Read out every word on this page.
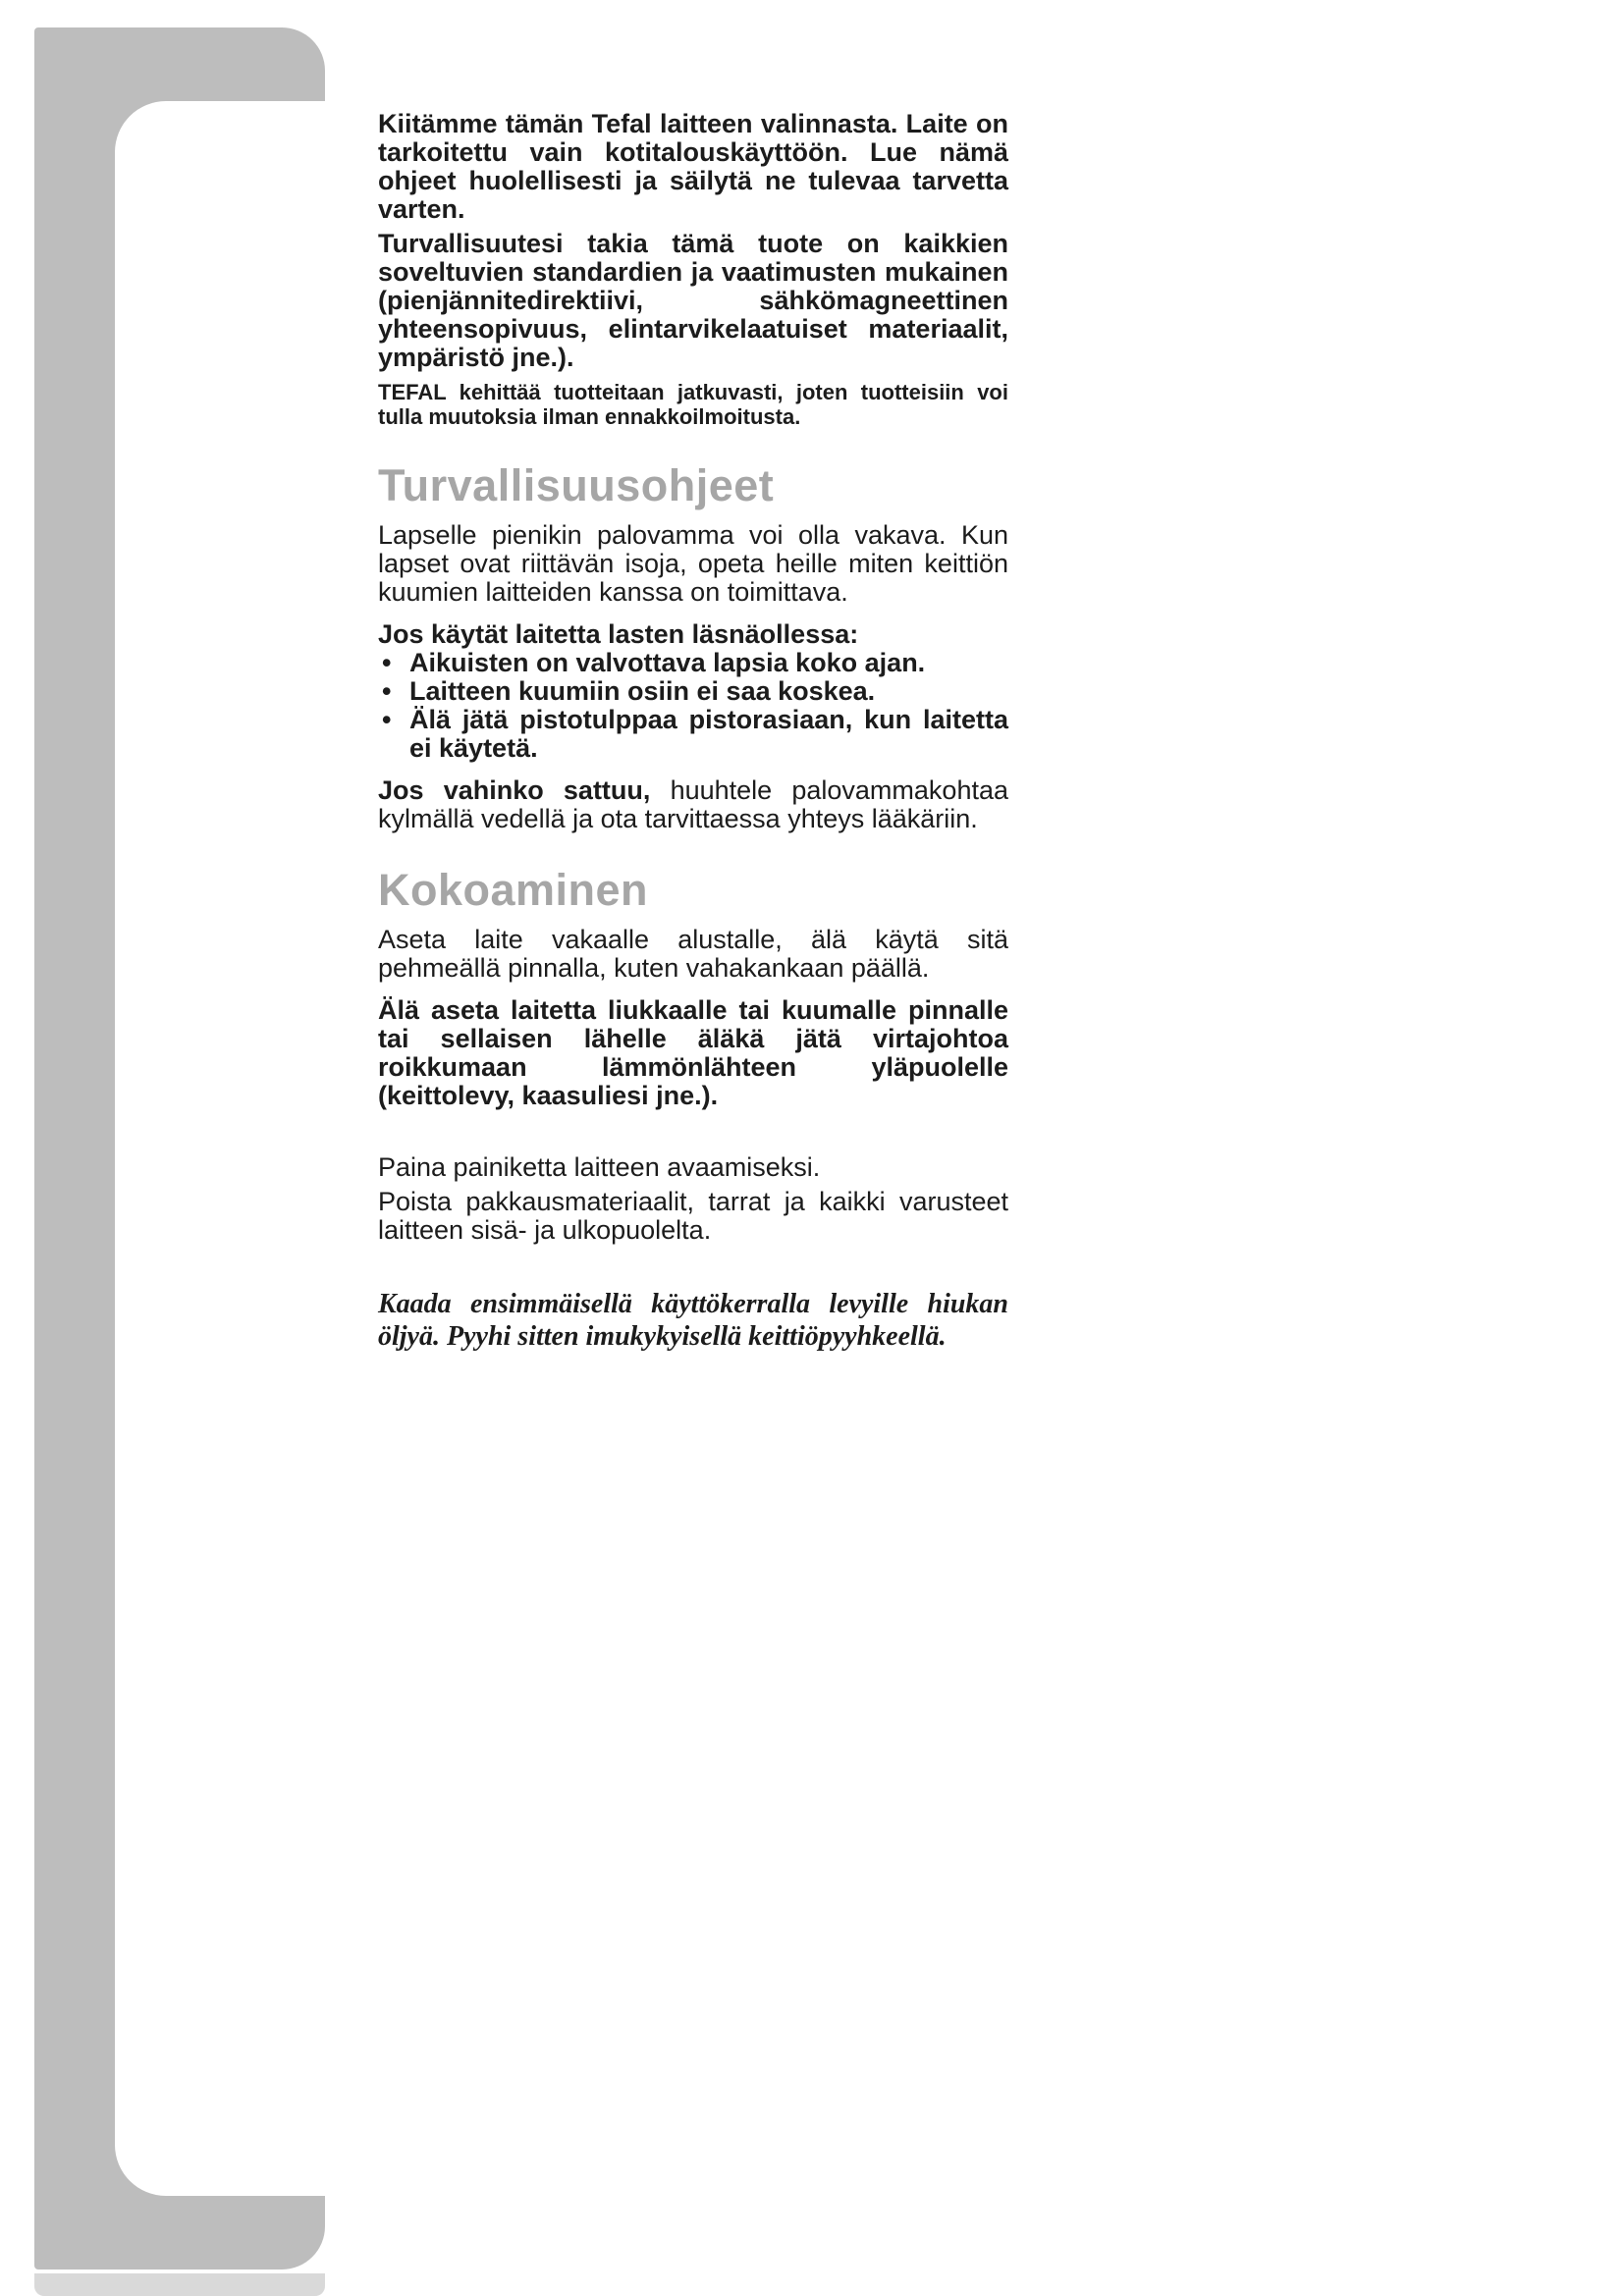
Kiitämme tämän Tefal laitteen valinnasta. Laite on tarkoitettu vain kotitalouskäyttöön. Lue nämä ohjeet huolellisesti ja säilytä ne tulevaa tarvetta varten.

Turvallisuutesi takia tämä tuote on kaikkien soveltuvien standardien ja vaatimusten mukainen (pienjännitedirektiivi, sähkömagneettinen yhteensopivuus, elintarvikelaatuiset materiaalit, ympäristö jne.).

TEFAL kehittää tuotteitaan jatkuvasti, joten tuotteisiin voi tulla muutoksia ilman ennakkoilmoitusta.

Turvallisuusohjeet

Lapselle pienikin palovamma voi olla vakava. Kun lapset ovat riittävän isoja, opeta heille miten keittiön kuumien laitteiden kanssa on toimittava.

Jos käytät laitetta lasten läsnäollessa:

• Aikuisten on valvottava lapsia koko ajan.
• Laitteen kuumiin osiin ei saa koskea.
• Älä jätä pistotulppaa pistorasiaan, kun laitetta ei käytetä.

Jos vahinko sattuu, huuhtele palovammakohtaa kylmällä vedellä ja ota tarvittaessa yhteys lääkäriin.

Kokoaminen

Aseta laite vakaalle alustalle, älä käytä sitä pehmeällä pinnalla, kuten vahakankaan päällä.

Älä aseta laitetta liukkaalle tai kuumalle pinnalle tai sellaisen lähelle äläkä jätä virtajohtoa roikkumaan lämmönlähteen yläpuolelle (keittolevy, kaasuliesi jne.).

Paina painiketta laitteen avaamiseksi.

Poista pakkausmateriaalit, tarrat ja kaikki varusteet laitteen sisä- ja ulkopuolelta.

Kaada ensimmäisellä käyttökerralla levyille hiukan öljyä. Pyyhi sitten imukykyisellä keittiöpyyhkeellä.
